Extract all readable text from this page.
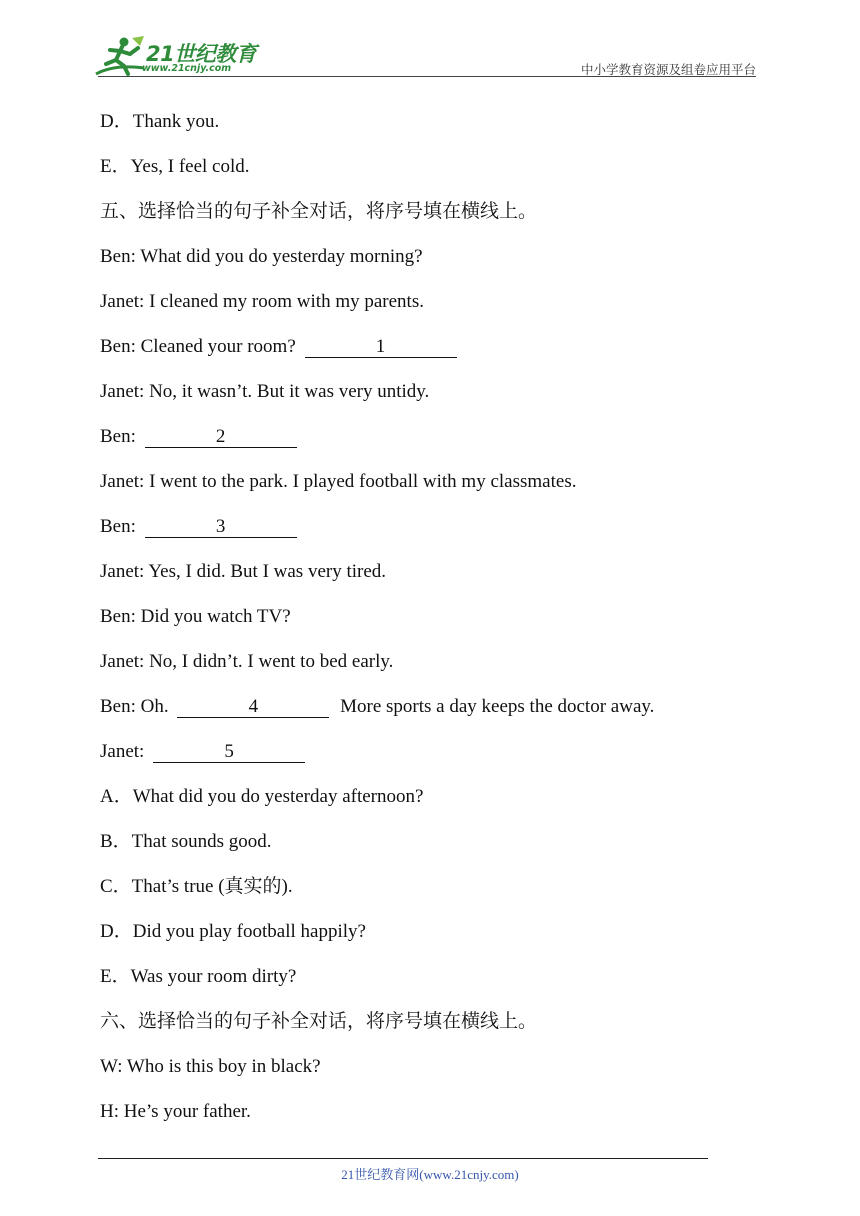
21世纪教育
www.21cnjy.com	中小学教育资源及组卷应用平台
D．Thank you.
E．Yes, I feel cold.
五、选择恰当的句子补全对话，将序号填在横线上。
Ben: What did you do yesterday morning?
Janet: I cleaned my room with my parents.
Ben: Cleaned your room?	1
Janet: No, it wasn’t. But it was very untidy.
Ben:	2
Janet: I went to the park. I played football with my classmates.
Ben:	3
Janet: Yes, I did. But I was very tired.
Ben: Did you watch TV?
Janet: No, I didn’t. I went to bed early.
Ben: Oh.	4	More sports a day keeps the doctor away.
Janet:	5
A．What did you do yesterday afternoon?
B．That sounds good.
C．That’s true (真实的).
D．Did you play football happily?
E．Was your room dirty?
六、选择恰当的句子补全对话，将序号填在横线上。
W: Who is this boy in black?
H: He’s your father.
21世纪教育网(www.21cnjy.com)
